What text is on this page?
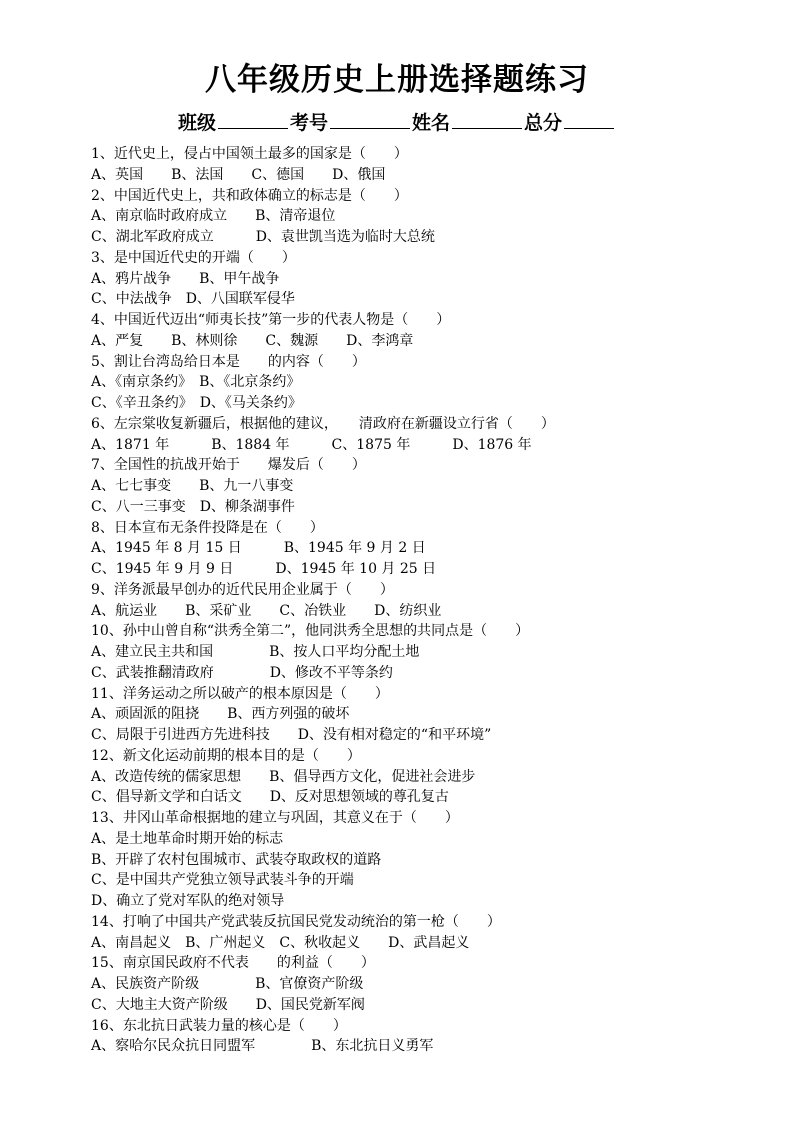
八年级历史上册选择题练习
班级	考号	姓名	总分
1、近代史上，侵占中国领土最多的国家是（　　）
A、英国　　B、法国　　C、德国　　D、俄国
2、中国近代史上，共和政体确立的标志是（　　）
A、南京临时政府成立　　B、清帝退位
C、湖北军政府成立　　　D、袁世凯当选为临时大总统
3、是中国近代史的开端（　　）
A、鸦片战争　　B、甲午战争
C、中法战争　D、八国联军侵华
4、中国近代迈出“师夷长技”第一步的代表人物是（　　）
A、严复　　B、林则徐　　C、魏源　　D、李鸿章
5、割让台湾岛给日本是　　的内容（　　）
A、《南京条约》　B、《北京条约》
C、《辛丑条约》　D、《马关条约》
6、左宗棠收复新疆后，根据他的建议，　　清政府在新疆设立行省（　　）
A、1871 年　　　B、1884 年　　　C、1875 年　　　D、1876 年
7、全国性的抗战开始于　　爆发后（　　）
A、七七事变　　B、九一八事变
C、八一三事变　D、柳条湖事件
8、日本宣布无条件投降是在（　　）
A、1945 年 8 月 15 日　　　B、1945 年 9 月 2 日
C、1945 年 9 月 9 日　　　D、1945 年 10 月 25 日
9、洋务派最早创办的近代民用企业属于（　　）
A、航运业　　B、采矿业　　C、冶铁业　　D、纺织业
10、孙中山曾自称“洪秀全第二”，他同洪秀全思想的共同点是（　　）
A、建立民主共和国　　　　B、按人口平均分配土地
C、武装推翻清政府　　　　D、修改不平等条约
11、洋务运动之所以破产的根本原因是（　　）
A、顽固派的阻挠　　B、西方列强的破坏
C、局限于引进西方先进科技　　D、没有相对稳定的“和平环境”
12、新文化运动前期的根本目的是（　　）
A、改造传统的儒家思想　　B、倡导西方文化，促进社会进步
C、倡导新文学和白话文　　D、反对思想领域的尊孔复古
13、井冈山革命根据地的建立与巩固，其意义在于（　　）
A、是土地革命时期开始的标志
B、开辟了农村包围城市、武装夺取政权的道路
C、是中国共产党独立领导武装斗争的开端
D、确立了党对军队的绝对领导
14、打响了中国共产党武装反抗国民党发动统治的第一枪（　　）
A、南昌起义　B、广州起义　C、秋收起义　　D、武昌起义
15、南京国民政府不代表　　的利益（　　）
A、民族资产阶级　　　　B、官僚资产阶级
C、大地主大资产阶级　　D、国民党新军阀
16、东北抗日武装力量的核心是（　　）
A、察哈尔民众抗日同盟军　　　　B、东北抗日义勇军
